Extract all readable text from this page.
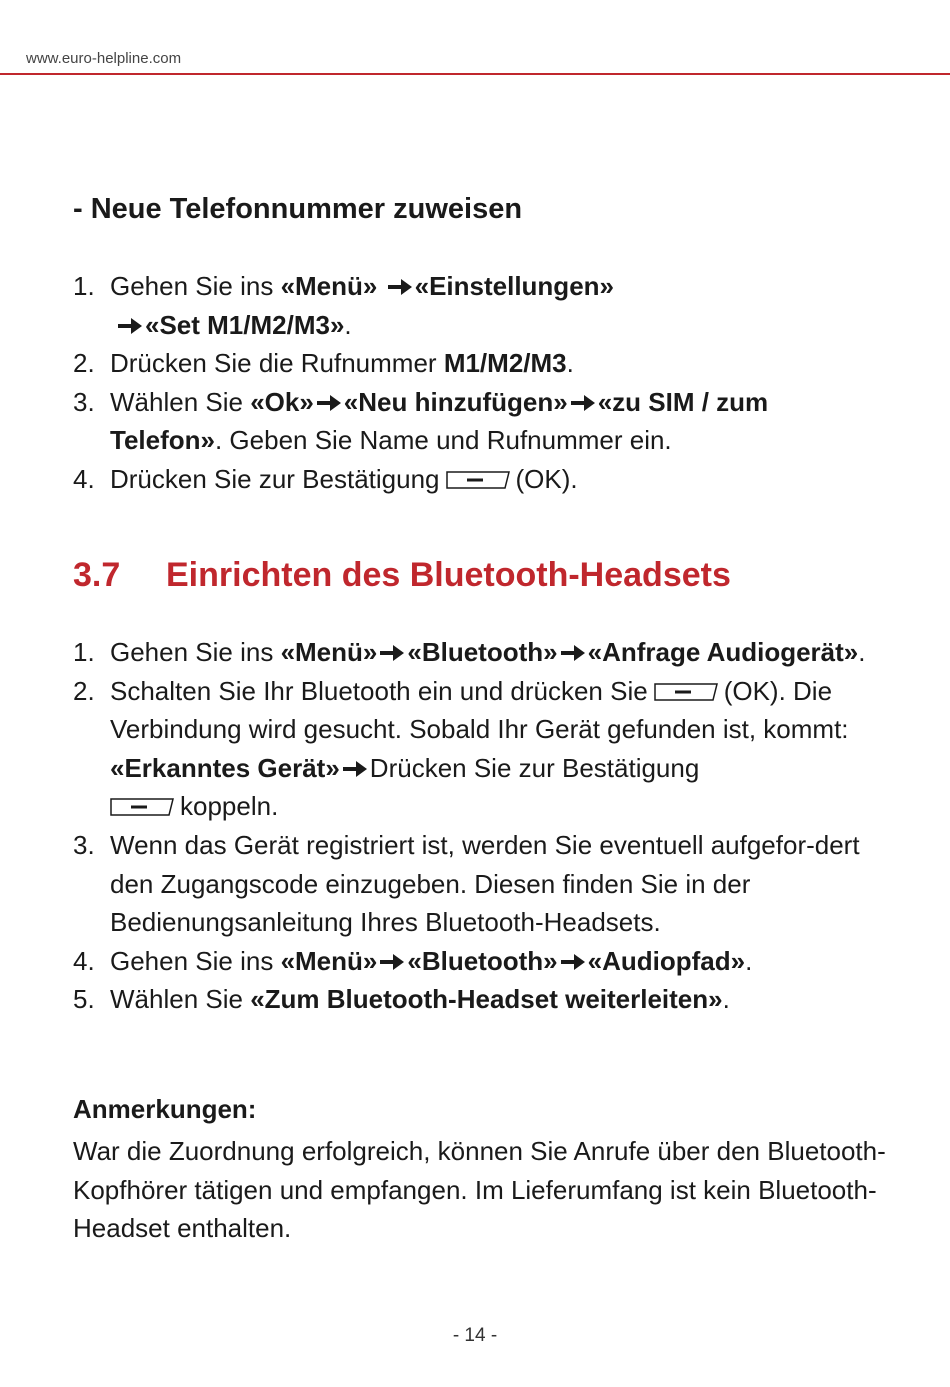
www.euro-helpline.com
- Neue Telefonnummer zuweisen
1. Gehen Sie ins «Menü» «Einstellungen»
«Set M1/M2/M3».
2. Drücken Sie die Rufnummer M1/M2/M3.
3. Wählen Sie «Ok» «Neu hinzufügen» «zu SIM / zum Telefon». Geben Sie Name und Rufnummer ein.
4. Drücken Sie zur Bestätigung	(OK).
3.7 Einrichten des Bluetooth-Headsets
1. Gehen Sie ins «Menü» «Bluetooth» «Anfrage Audiogerät».
2. Schalten Sie Ihr Bluetooth ein und drücken Sie	(OK). Die Verbindung wird gesucht. Sobald Ihr Gerät gefunden ist, kommt: «Erkanntes Gerät» Drücken Sie zur Bestätigung
koppeln.
3. Wenn das Gerät registriert ist, werden Sie eventuell aufgefor-dert den Zugangscode einzugeben. Diesen finden Sie in der Bedienungsanleitung Ihres Bluetooth-Headsets.
4. Gehen Sie ins «Menü» «Bluetooth» «Audiopfad».
5. Wählen Sie «Zum Bluetooth-Headset weiterleiten».
Anmerkungen:

War die Zuordnung erfolgreich, können Sie Anrufe über den Bluetooth-Kopfhörer tätigen und empfangen. Im Lieferumfang ist kein Bluetooth-Headset enthalten.

- 14 -
